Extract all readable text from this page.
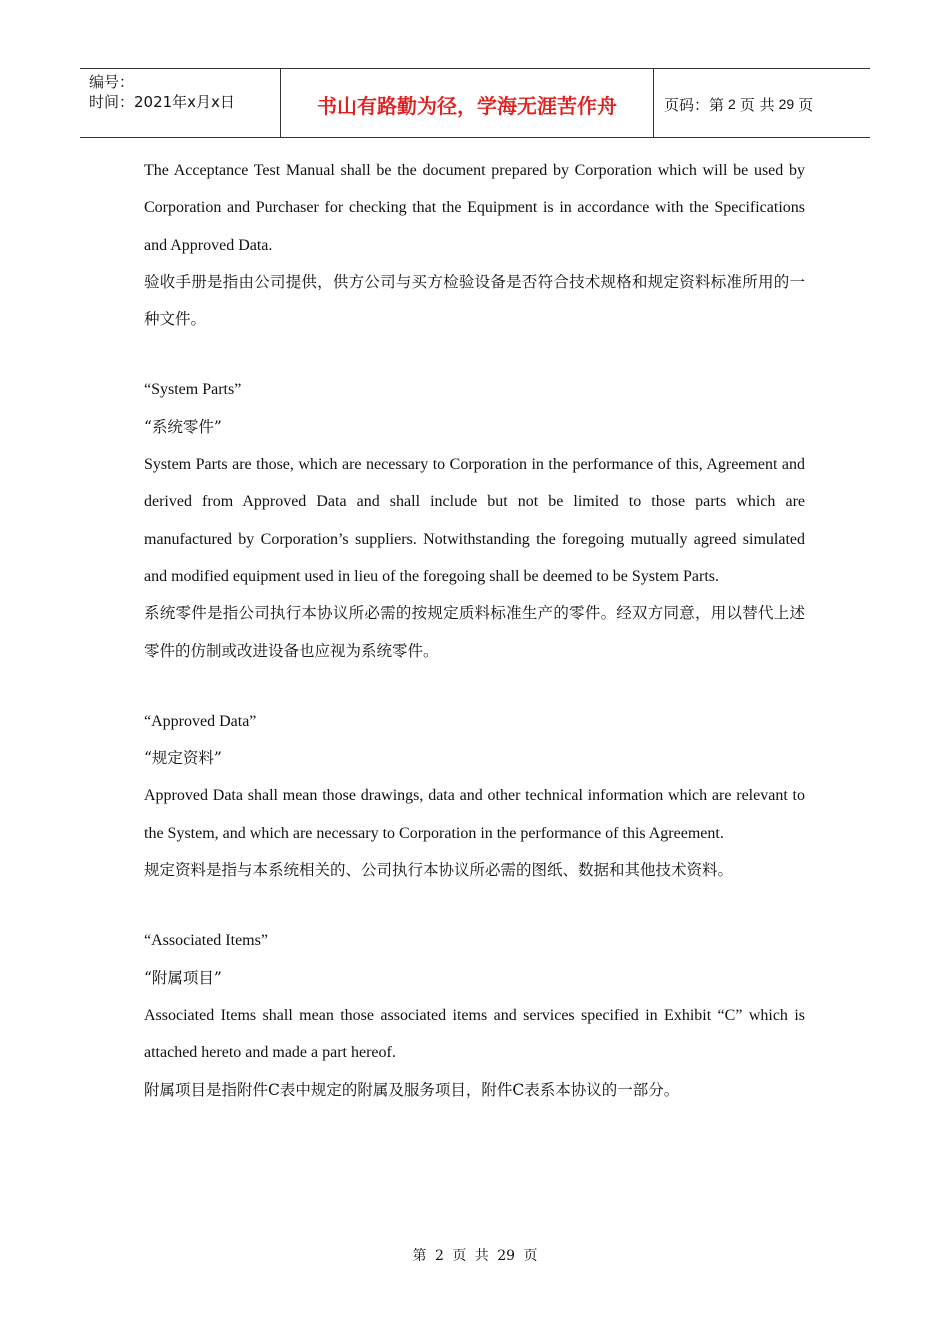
编号：
时间：2021年x月x日	书山有路勤为径，学海无涯苦作舟	页码：第 2 页 共 29 页

The Acceptance Test Manual shall be the document prepared by Corporation which will be used by Corporation and Purchaser for checking that the Equipment is in accordance with the Specifications and Approved Data.

验收手册是指由公司提供，供方公司与买方检验设备是否符合技术规格和规定资料标准所用的一种文件。

“System Parts”

“系统零件”

System Parts are those, which are necessary to Corporation in the performance of this, Agreement and derived from Approved Data and shall include but not be limited to those parts which are manufactured by Corporation’s suppliers. Notwithstanding the foregoing mutually agreed simulated and modified equipment used in lieu of the foregoing shall be deemed to be System Parts.

系统零件是指公司执行本协议所必需的按规定质料标准生产的零件。经双方同意，用以替代上述零件的仿制或改进设备也应视为系统零件。

“Approved Data”

“规定资料”

Approved Data shall mean those drawings, data and other technical information which are relevant to the System, and which are necessary to Corporation in the performance of this Agreement.

规定资料是指与本系统相关的、公司执行本协议所必需的图纸、数据和其他技术资料。

“Associated Items”

“附属项目”

Associated Items shall mean those associated items and services specified in Exhibit “C” which is attached hereto and made a part hereof.

附属项目是指附件C表中规定的附属及服务项目，附件C表系本协议的一部分。

第 2 页 共 29 页
